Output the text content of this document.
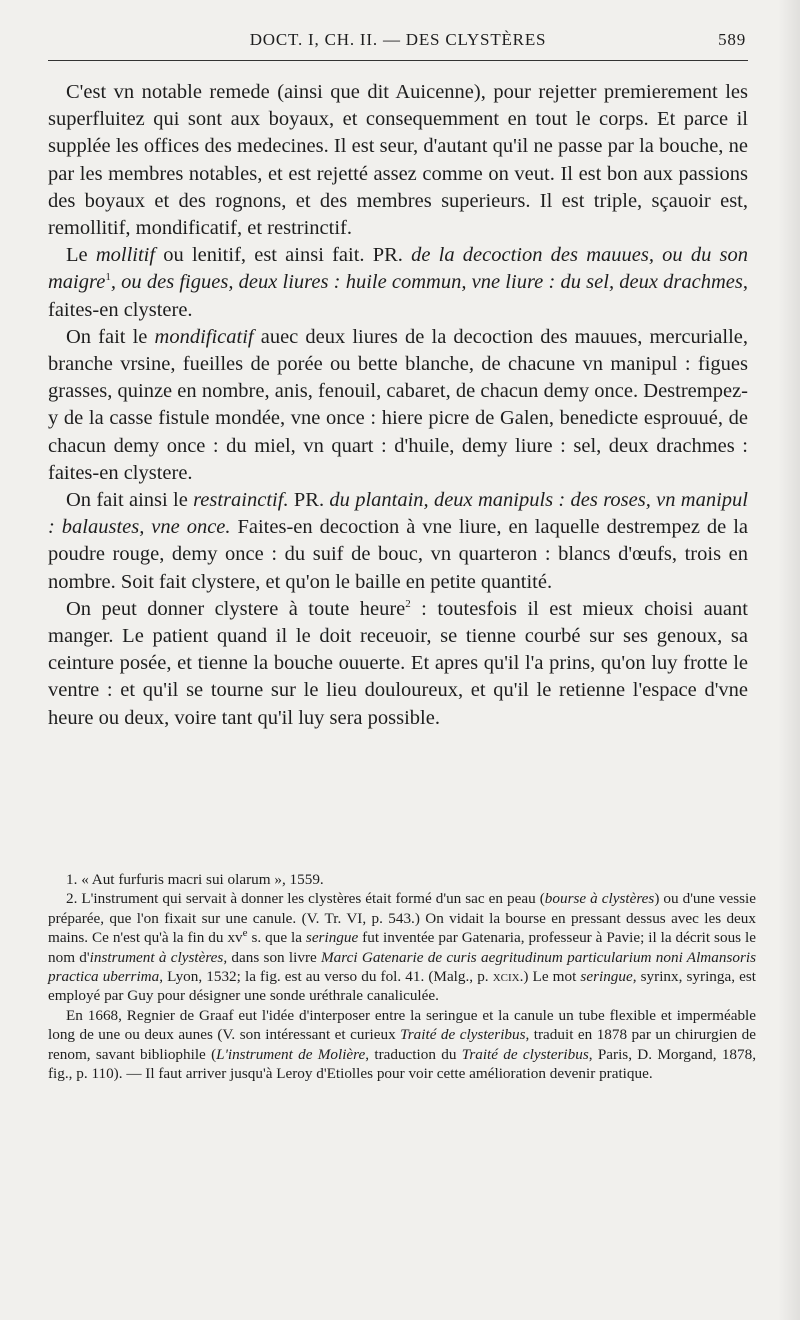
DOCT. I, CH. II. — DES CLYSTÈRES	589

C'est vn notable remede (ainsi que dit Auicenne), pour rejetter premierement les superfluitez qui sont aux boyaux, et consequemment en tout le corps. Et parce il supplée les offices des medecines. Il est seur, d'autant qu'il ne passe par la bouche, ne par les membres notables, et est rejetté assez comme on veut. Il est bon aux passions des boyaux et des rognons, et des membres superieurs. Il est triple, sçauoir est, remollitif, mondificatif, et restrinctif.

Le mollitif ou lenitif, est ainsi fait. PR. de la decoction des mauues, ou du son maigre$^1$, ou des figues, deux liures : huile commun, vne liure : du sel, deux drachmes, faites-en clystere.

On fait le mondificatif auec deux liures de la decoction des mauues, mercurialle, branche vrsine, fueilles de porée ou bette blanche, de chacune vn manipul : figues grasses, quinze en nombre, anis, fenouil, cabaret, de chacun demy once. Destrempez-y de la casse fistule mondée, vne once : hiere picre de Galen, benedicte esprouué, de chacun demy once : du miel, vn quart : d'huile, demy liure : sel, deux drachmes : faites-en clystere.

On fait ainsi le restrainctif. PR. du plantain, deux manipuls : des roses, vn manipul : balaustes, vne once. Faites-en decoction à vne liure, en laquelle destrempez de la poudre rouge, demy once : du suif de bouc, vn quarteron : blancs d'œufs, trois en nombre. Soit fait clystere, et qu'on le baille en petite quantité.

On peut donner clystere à toute heure$^2$ : toutesfois il est mieux choisi auant manger. Le patient quand il le doit receuoir, se tienne courbé sur ses genoux, sa ceinture posée, et tienne la bouche ouuerte. Et apres qu'il l'a prins, qu'on luy frotte le ventre : et qu'il se tourne sur le lieu douloureux, et qu'il le retienne l'espace d'vne heure ou deux, voire tant qu'il luy sera possible.

1. « Aut furfuris macri sui olarum », 1559.

2. L'instrument qui servait à donner les clystères était formé d'un sac en peau (bourse à clystères) ou d'une vessie préparée, que l'on fixait sur une canule. (V. Tr. VI, p. 543.) On vidait la bourse en pressant dessus avec les deux mains. Ce n'est qu'à la fin du $xv^e$ s. que la seringue fut inventée par Gatenaria, professeur à Pavie; il la décrit sous le nom d'instrument à clystères, dans son livre Marci Gatenarie de curis aegritudinum particularium noni Almansoris practica uberrima, Lyon, 1532; la fig. est au verso du fol. 41. (Malg., p. xcix.) Le mot seringue, syrinx, syringa, est employé par Guy pour désigner une sonde uréthrale canaliculée.

En 1668, Regnier de Graaf eut l'idée d'interposer entre la seringue et la canule un tube flexible et imperméable long de une ou deux aunes (V. son intéressant et curieux Traité de clysteribus, traduit en 1878 par un chirurgien de renom, savant bibliophile (L'instrument de Molière, traduction du Traité de clysteribus, Paris, D. Morgand, 1878, fig., p. 110). — Il faut arriver jusqu'à Leroy d'Etiolles pour voir cette amélioration devenir pratique.
